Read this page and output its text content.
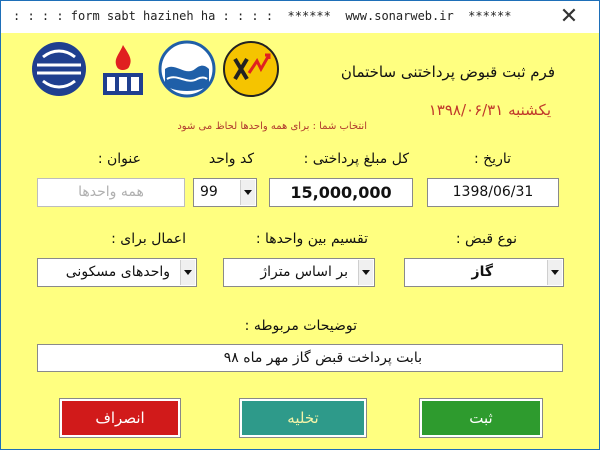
: : : : form sabt hazineh ha : : : :  ******  www.sonarweb.ir  ****** ✕
فرم ثبت قبوض پرداختنی ساختمان
یکشنبه ۱۳۹۸/۰۶/۳۱
انتخاب شما : برای همه واحدها لحاظ می شود
تاریخ :
کل مبلغ پرداختی :
کد واحد
عنوان :
1398/06/31
15,000,000
99
همه واحدها
نوع قبض :
تقسیم بین واحدها :
اعمال برای :
گاز
بر اساس متراژ
واحدهای مسکونی
توضیحات مربوطه :
بابت پرداخت قبض گاز مهر ماه ۹۸
ثبت
تخلیه
انصراف
